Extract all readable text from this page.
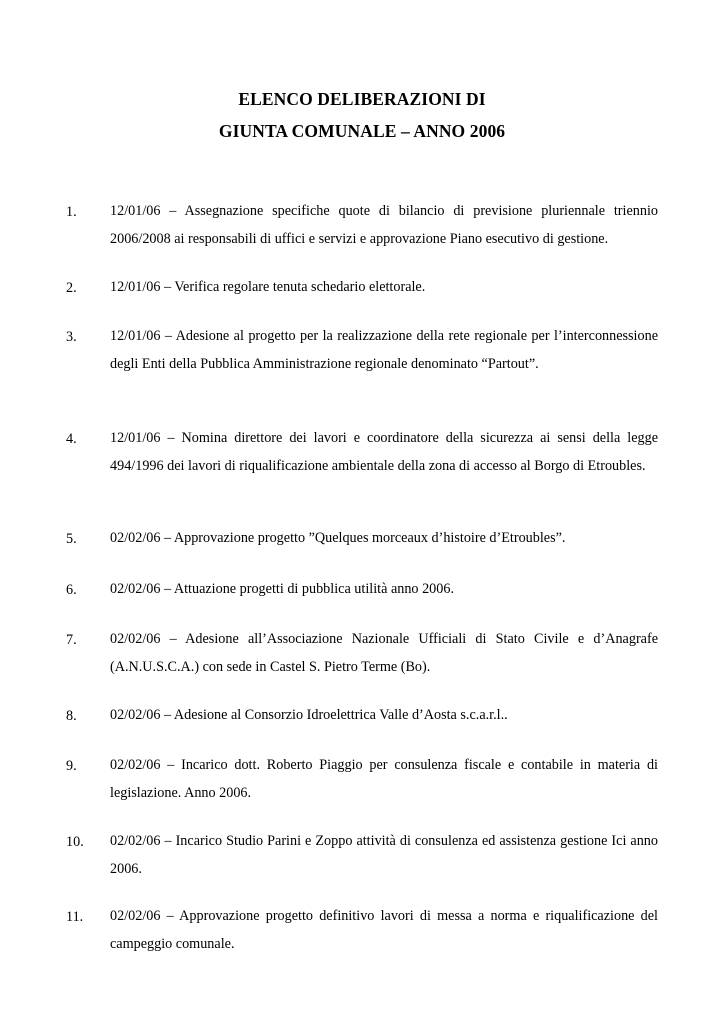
ELENCO DELIBERAZIONI DI
GIUNTA COMUNALE – ANNO 2006
1.	12/01/06 – Assegnazione specifiche quote di bilancio di previsione pluriennale triennio 2006/2008 ai responsabili di uffici e servizi e approvazione Piano esecutivo di gestione.
2.	12/01/06 – Verifica regolare tenuta schedario elettorale.
3.	12/01/06 – Adesione al progetto per la realizzazione della rete regionale per l’interconnessione degli Enti della Pubblica Amministrazione regionale denominato “Partout”.
4.	12/01/06 – Nomina direttore dei lavori e coordinatore della sicurezza ai sensi della legge 494/1996 dei lavori di riqualificazione ambientale della zona di accesso al Borgo di Etroubles.
5.	02/02/06 – Approvazione progetto ”Quelques morceaux d’histoire d’Etroubles”.
6.	02/02/06 – Attuazione progetti di pubblica utilità anno 2006.
7.	02/02/06 – Adesione all’Associazione Nazionale Ufficiali di Stato Civile e d’Anagrafe (A.N.U.S.C.A.) con sede in Castel S. Pietro Terme (Bo).
8.	02/02/06 – Adesione al Consorzio Idroelettrica Valle d’Aosta s.c.a.r.l..
9.	02/02/06 – Incarico dott. Roberto Piaggio per consulenza fiscale e contabile in materia di legislazione. Anno 2006.
10.	02/02/06 – Incarico Studio Parini e Zoppo attività di consulenza ed assistenza gestione Ici anno 2006.
11.	02/02/06 – Approvazione progetto definitivo lavori di messa a norma e riqualificazione del campeggio comunale.
